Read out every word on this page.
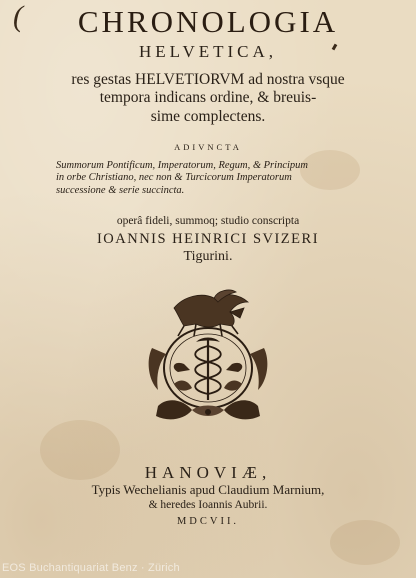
(	CHRONOLOGIA
HELVETICA,
res gestas HELVETIORVM ad nostra vsque
tempora indicans ordine, & breuis-
sime complectens.
ADIVNCTA
Summorum Pontificum, Imperatorum, Regum, & Principum
in orbe Christiano, nec non & Turcicorum Imperatorum
successione & serie succincta.
operâ fideli, summoq; studio conscripta
IOANNIS HEINRICI SVIZERI
Tigurini.
HANOVIÆ,
Typis Wechelianis apud Claudium Marnium,
& heredes Ioannis Aubrii.
MDCVII.
EOS Buchantiquariat Benz · Zürich
